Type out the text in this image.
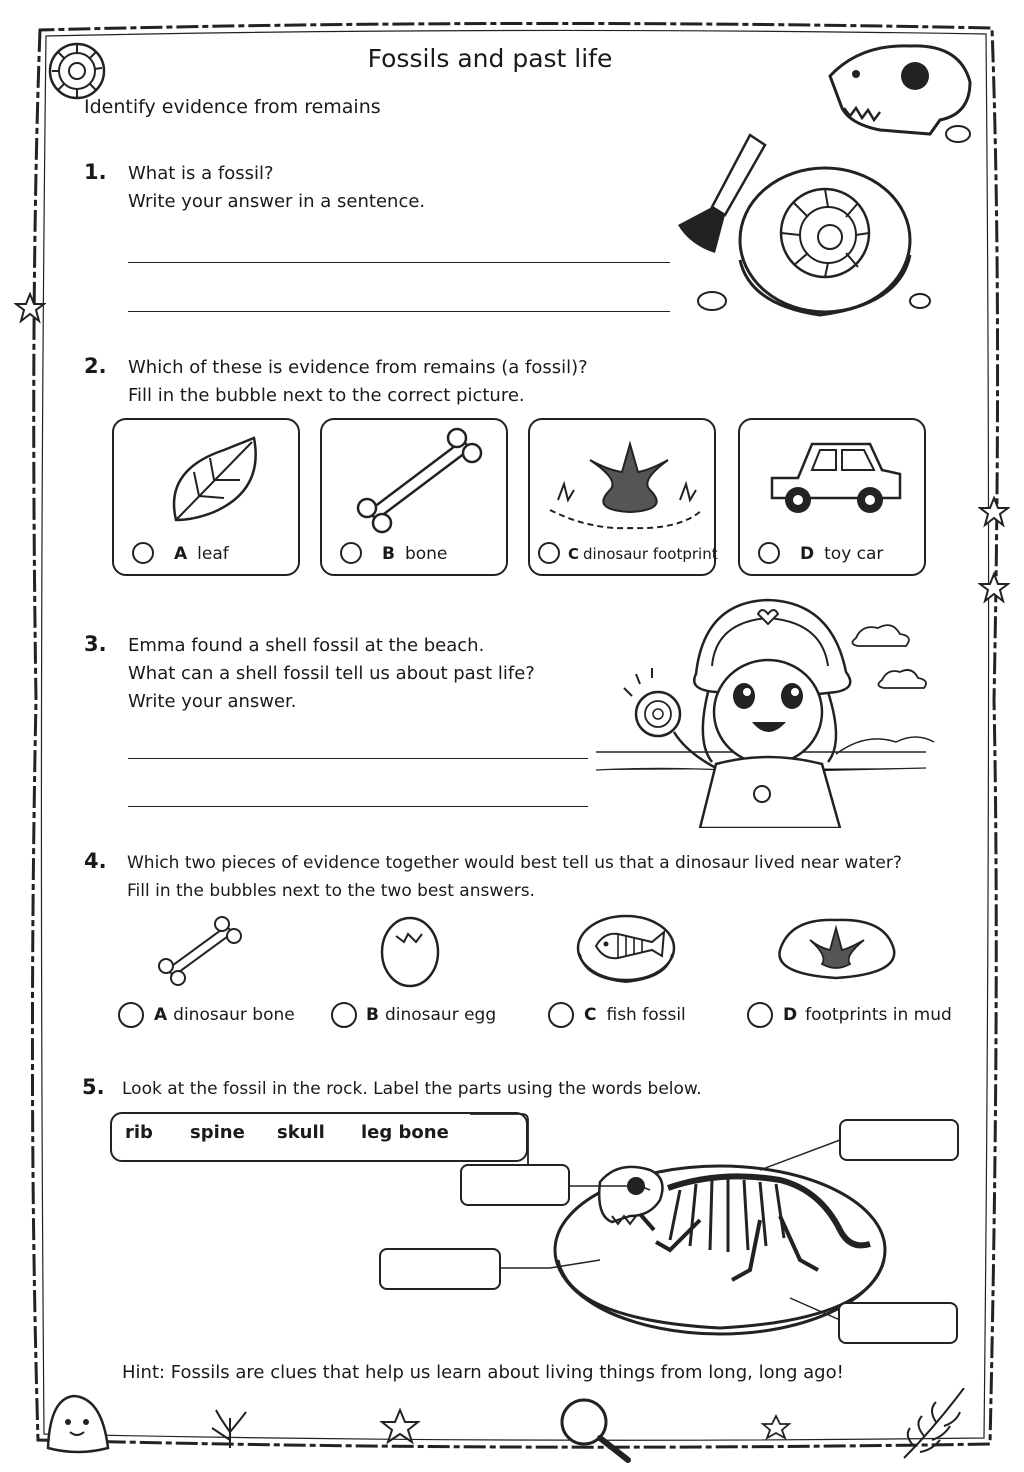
Fossils and past life
Identify evidence from remains
1. What is a fossil?
Write your answer in a sentence.
2. Which of these is evidence from remains (a fossil)?
Fill in the bubble next to the correct picture.
A leaf	B bone	C dinosaur footprint	D toy car
3. Emma found a shell fossil at the beach.
What can a shell fossil tell us about past life?
Write your answer.
4. Which two pieces of evidence together would best tell us that a dinosaur lived near water?
Fill in the bubbles next to the two best answers.
A dinosaur bone	B dinosaur egg	C fish fossil	D footprints in mud
5. Look at the fossil in the rock. Label the parts using the words below.
rib spine skull leg bone
Hint: Fossils are clues that help us learn about living things from long, long ago!
